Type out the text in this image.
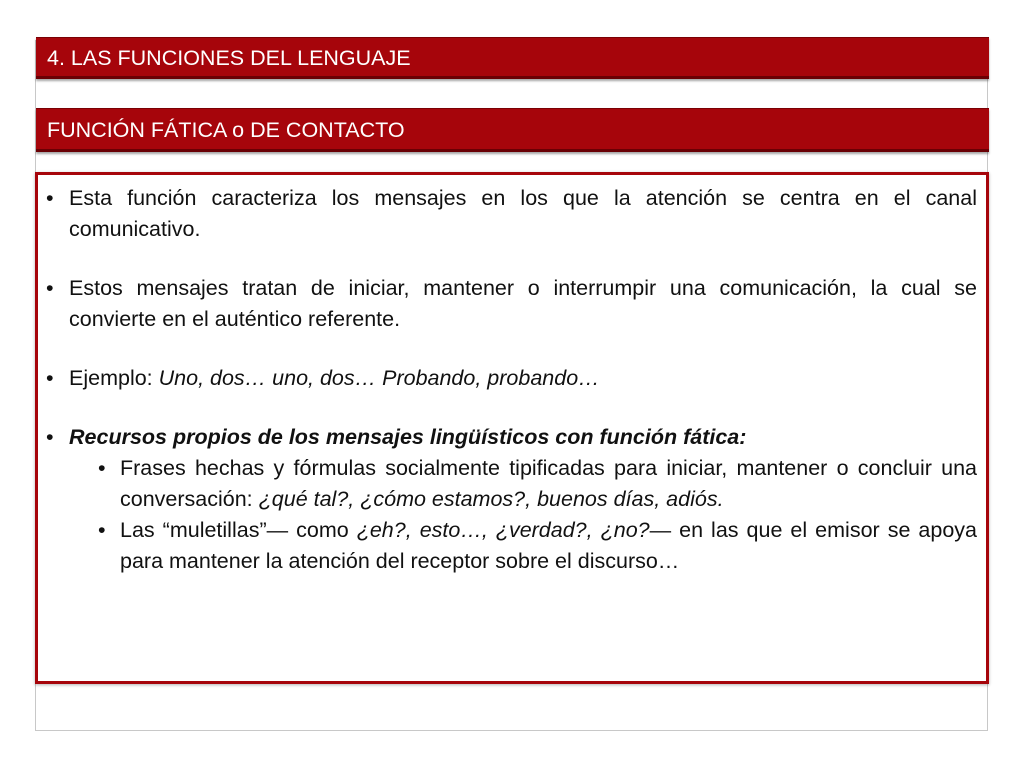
4. LAS FUNCIONES DEL LENGUAJE
FUNCIÓN FÁTICA o DE CONTACTO
• Esta función caracteriza los mensajes en los que la atención se centra en el canal comunicativo.
• Estos mensajes tratan de iniciar, mantener o interrumpir una comunicación, la cual se convierte en el auténtico referente.
• Ejemplo: Uno, dos… uno, dos… Probando, probando…
• Recursos propios de los mensajes lingüísticos con función fática:
• Frases hechas y fórmulas socialmente tipificadas para iniciar, mantener o concluir una conversación: ¿qué tal?, ¿cómo estamos?, buenos días, adiós.
• Las “muletillas”— como ¿eh?, esto…, ¿verdad?, ¿no?— en las que el emisor se apoya para mantener la atención del receptor sobre el discurso…
